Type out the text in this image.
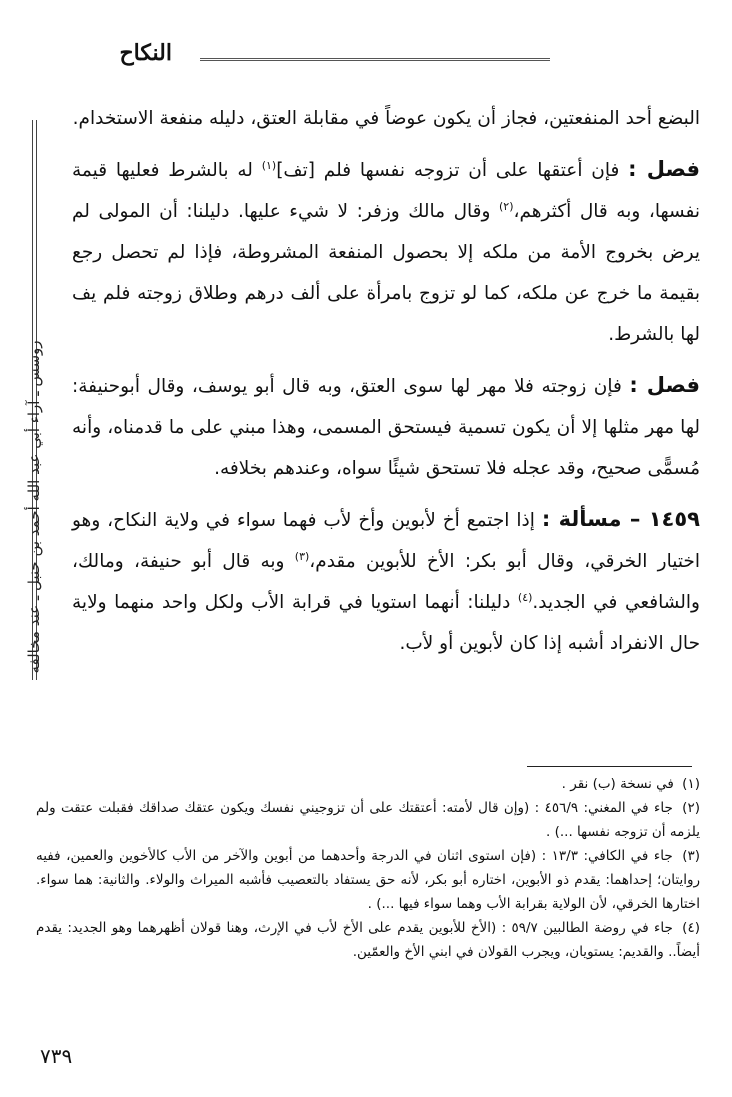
النكاح
روسس ـ آراء أبي عبد الله أحمد بن حنبل ـ عند مخالفه

البضع أحد المنفعتين، فجاز أن يكون عوضاً في مقابلة العتق، دليله منفعة الاستخدام.

فصل : فإن أعتقها على أن تزوجه نفسها فلم [تف]$^{(١)}$ له بالشرط فعليها قيمة نفسها، وبه قال أكثرهم،$^{(٢)}$ وقال مالك وزفر: لا شيء عليها. دليلنا: أن المولى لم يرض بخروج الأمة من ملكه إلا بحصول المنفعة المشروطة، فإذا لم تحصل رجع بقيمة ما خرج عن ملكه، كما لو تزوج بامرأة على ألف درهم وطلاق زوجته فلم يف لها بالشرط.

فصل : فإن زوجته فلا مهر لها سوى العتق، وبه قال أبو يوسف، وقال أبوحنيفة: لها مهر مثلها إلا أن يكون تسمية فيستحق المسمى، وهذا مبني على ما قدمناه، وأنه مُسمًّى صحيح، وقد عجله فلا تستحق شيئًا سواه، وعندهم بخلافه.

١٤٥٩ – مسألة : إذا اجتمع أخ لأبوين وأخ لأب فهما سواء في ولاية النكاح، وهو اختيار الخرقي، وقال أبو بكر: الأخ للأبوين مقدم،$^{(٣)}$ وبه قال أبو حنيفة، ومالك، والشافعي في الجديد.$^{(٤)}$ دليلنا: أنهما استويا في قرابة الأب ولكل واحد منهما ولاية حال الانفراد أشبه إذا كان لأبوين أو لأب.

(١) في نسخة (ب) نقر .

(٢) جاء في المغني: ٤٥٦/٩ : (وإن قال لأمته: أعتقتك على أن تزوجيني نفسك ويكون عتقك صداقك فقبلت عتقت ولم يلزمه أن تزوجه نفسها ...) .

(٣) جاء في الكافي: ١٣/٣ : (فإن استوى اثنان في الدرجة وأحدهما من أبوين والآخر من الأب كالأخوين والعمين، ففيه روايتان؛ إحداهما: يقدم ذو الأبوين، اختاره أبو بكر، لأنه حق يستفاد بالتعصيب فأشبه الميراث والولاء. والثانية: هما سواء. اختارها الخرقي، لأن الولاية بقرابة الأب وهما سواء فيها ...) .

(٤) جاء في روضة الطالبين ٥٩/٧ : (الأخ للأبوين يقدم على الأخ لأب في الإرث، وهنا قولان أظهرهما وهو الجديد: يقدم أيضاً.. والقديم: يستويان، ويجرب القولان في ابني الأخ والعمّين.

٧٣٩
